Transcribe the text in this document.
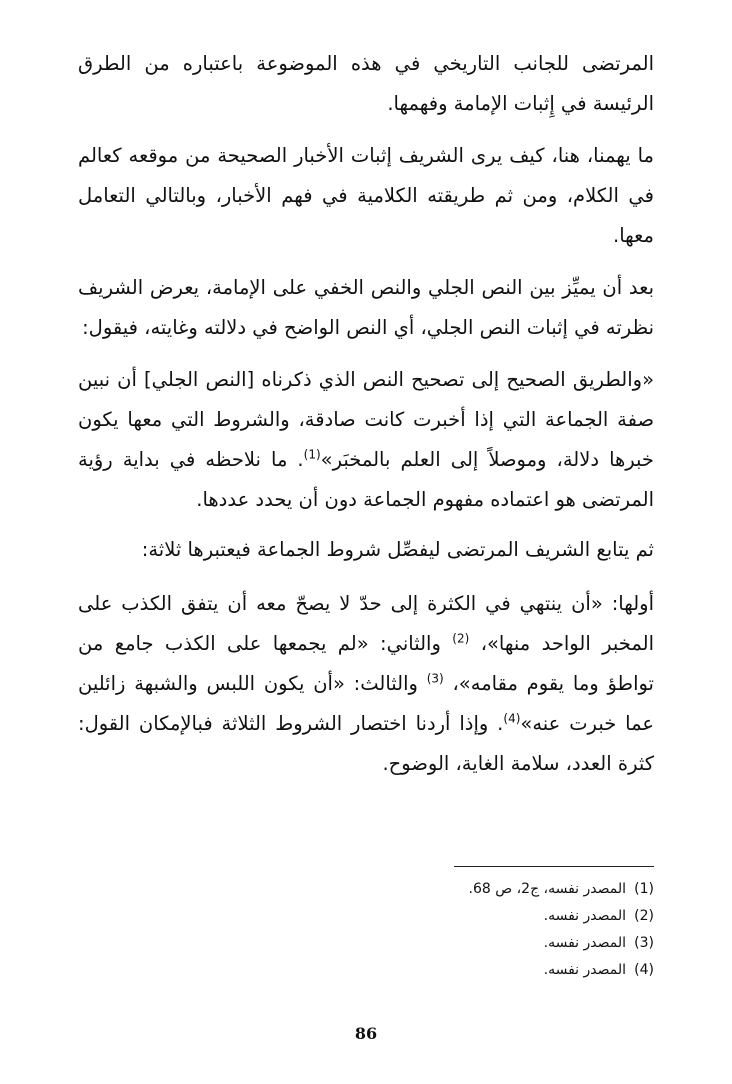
المرتضى للجانب التاريخي في هذه الموضوعة باعتباره من الطرق الرئيسة في إِثبات الإمامة وفهمها.

ما يهمنا، هنا، كيف يرى الشريف إثبات الأخبار الصحيحة من موقعه كعالم في الكلام، ومن ثم طريقته الكلامية في فهم الأخبار، وبالتالي التعامل معها.

بعد أن يميِّز بين النص الجلي والنص الخفي على الإمامة، يعرض الشريف نظرته في إثبات النص الجلي، أي النص الواضح في دلالته وغايته، فيقول:

«والطريق الصحيح إلى تصحيح النص الذي ذكرناه [النص الجلي] أن نبين صفة الجماعة التي إذا أخبرت كانت صادقة، والشروط التي معها يكون خبرها دلالة، وموصلاً إلى العلم بالمخبَر»$^{(1)}$. ما نلاحظه في بداية رؤية المرتضى هو اعتماده مفهوم الجماعة دون أن يحدد عددها.

ثم يتابع الشريف المرتضى ليفصِّل شروط الجماعة فيعتبرها ثلاثة:

أولها: «أن ينتهي في الكثرة إلى حدّ لا يصحّ معه أن يتفق الكذب على المخبر الواحد منها»، $^{(2)}$ والثاني: «لم يجمعها على الكذب جامع من تواطؤ وما يقوم مقامه»، $^{(3)}$ والثالث: «أن يكون اللبس والشبهة زائلين عما خبرت عنه»$^{(4)}$. وإذا أردنا اختصار الشروط الثلاثة فبالإمكان القول: كثرة العدد، سلامة الغاية، الوضوح.

(1)المصدر نفسه، ج2، ص 68.
(2)المصدر نفسه.
(3)المصدر نفسه.
(4)المصدر نفسه.
86
